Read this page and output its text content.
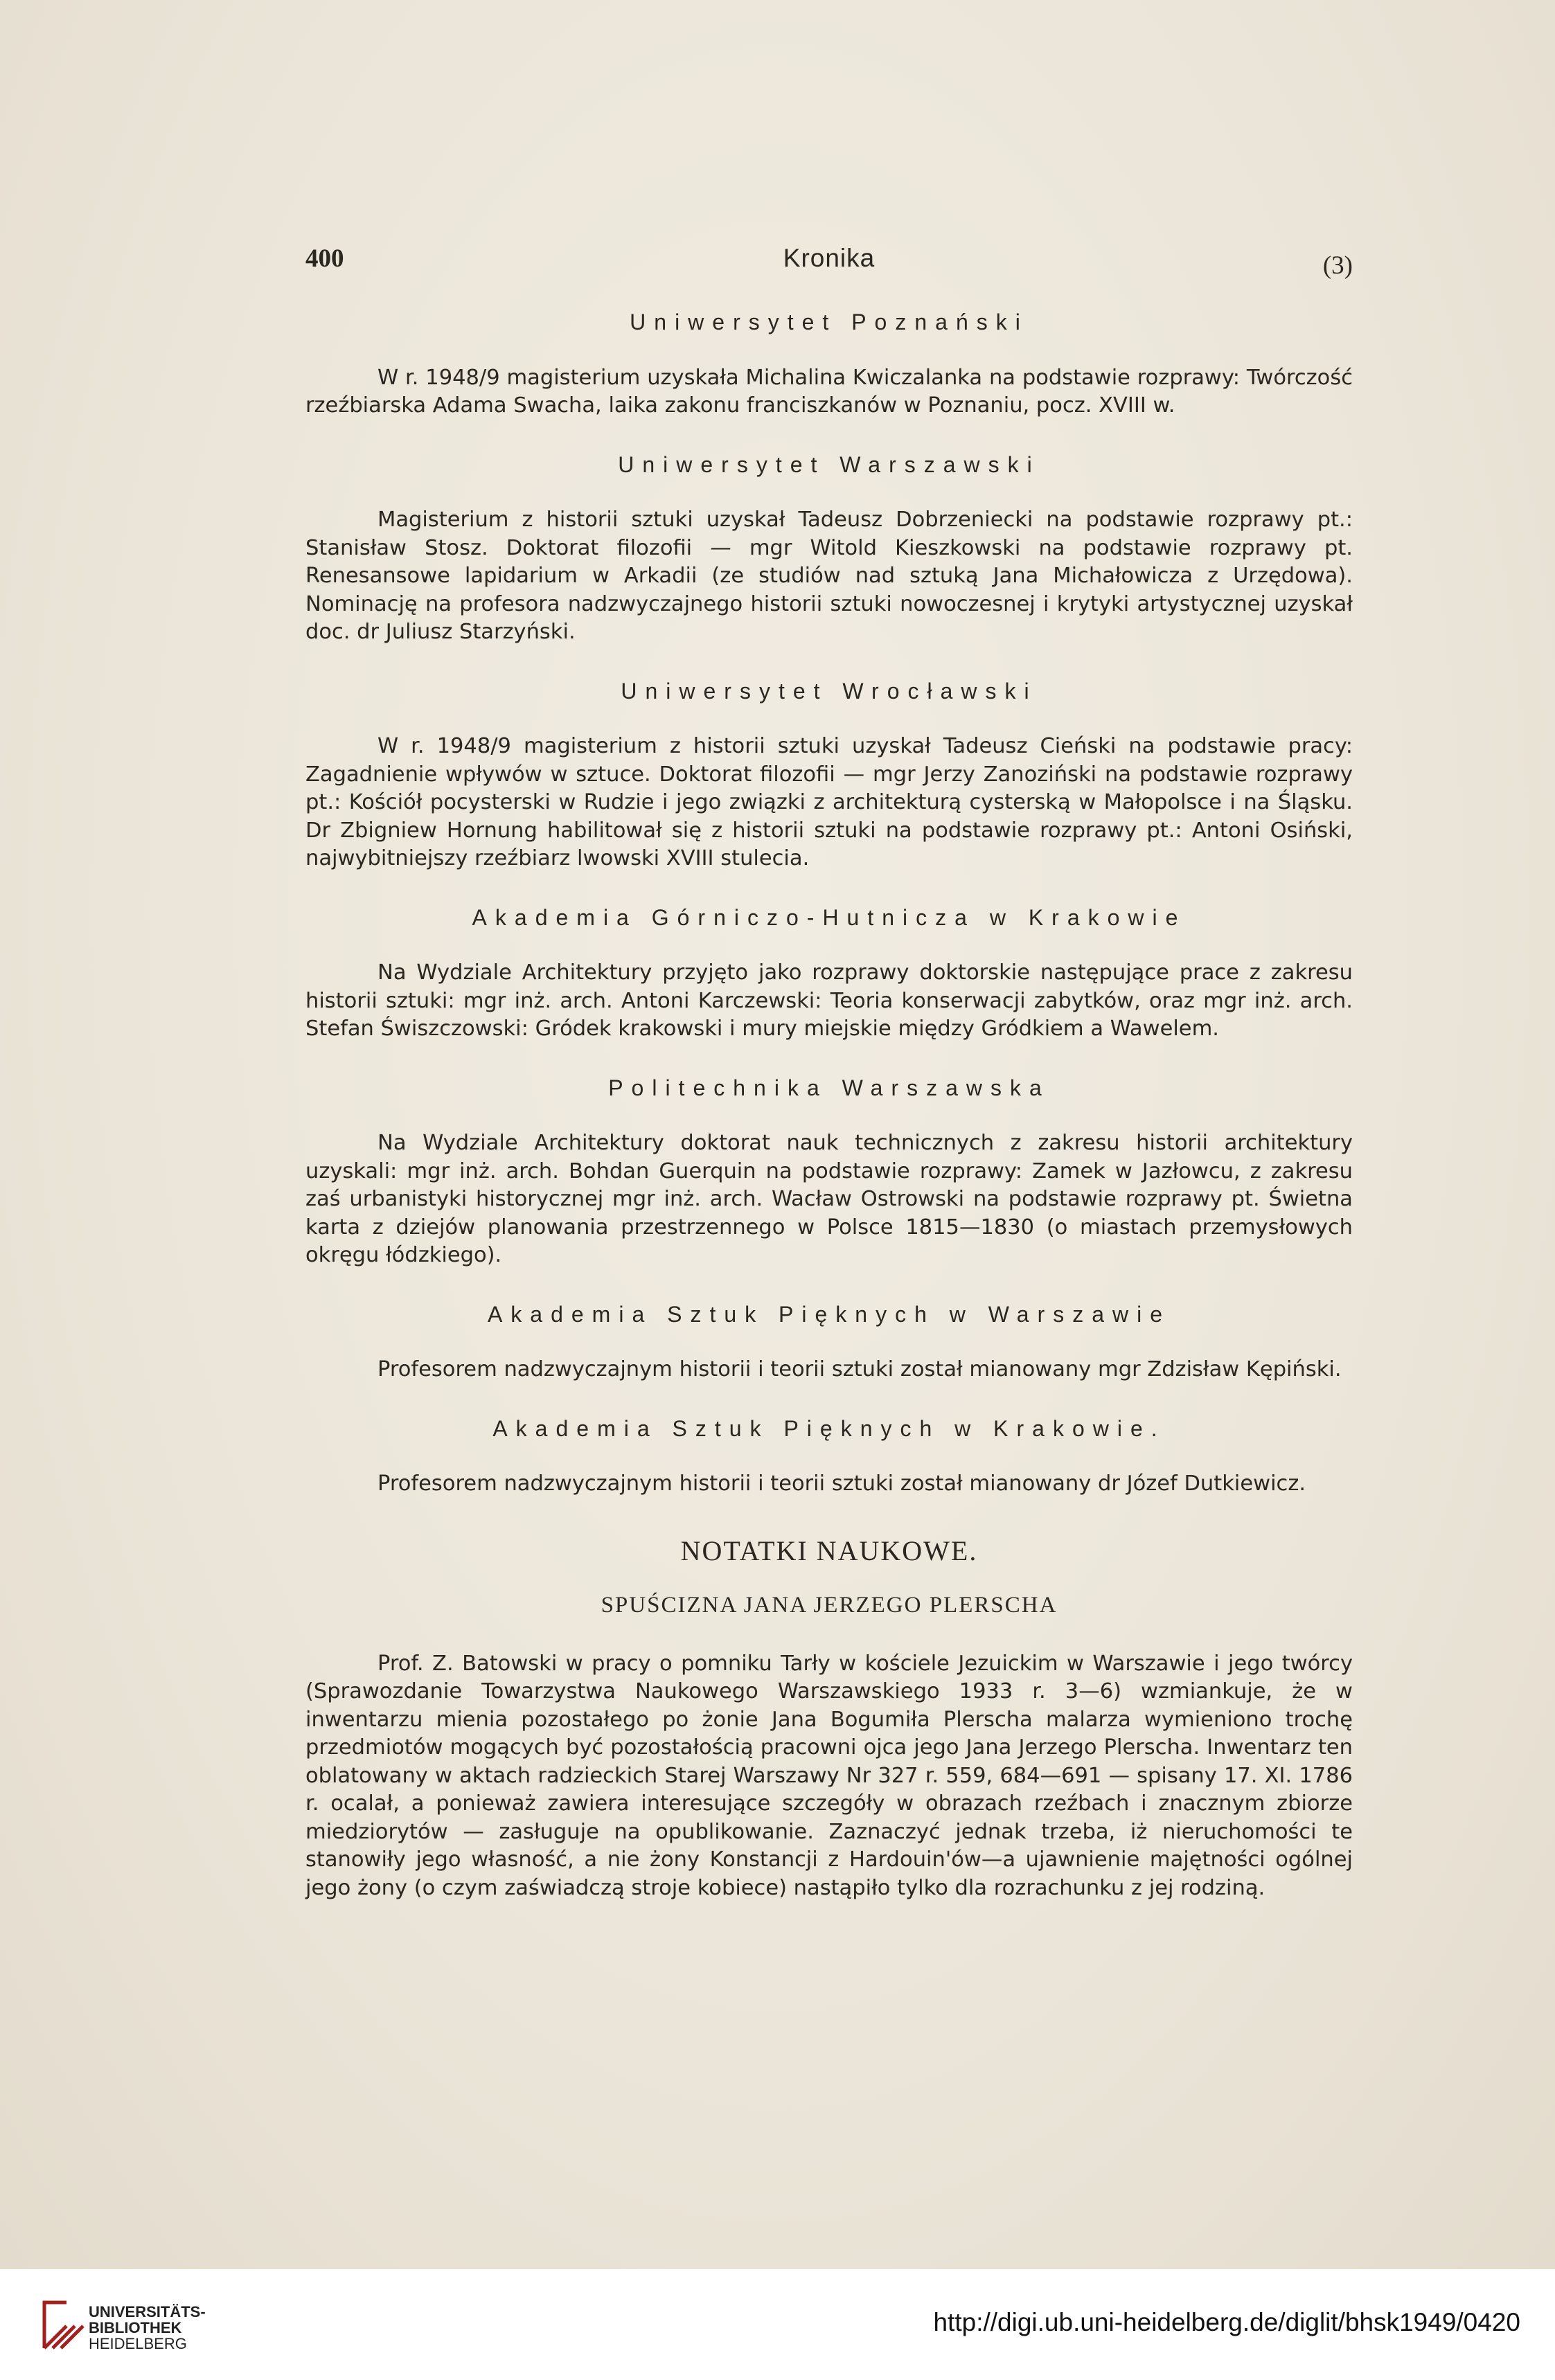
400	Kronika	(3)
Uniwersytet Poznański
W r. 1948/9 magisterium uzyskała Michalina Kwiczalanka na podstawie rozprawy: Twórczość rzeźbiarska Adama Swacha, laika zakonu franciszkanów w Poznaniu, pocz. XVIII w.
Uniwersytet Warszawski
Magisterium z historii sztuki uzyskał Tadeusz Dobrzeniecki na podstawie rozprawy pt.: Stanisław Stosz. Doktorat filozofii — mgr Witold Kieszkowski na podstawie rozprawy pt. Renesansowe lapidarium w Arkadii (ze studiów nad sztuką Jana Michałowicza z Urzędowa). Nominację na profesora nadzwyczajnego historii sztuki nowoczesnej i krytyki artystycznej uzyskał doc. dr Juliusz Starzyński.
Uniwersytet Wrocławski
W r. 1948/9 magisterium z historii sztuki uzyskał Tadeusz Cieński na podstawie pracy: Zagadnienie wpływów w sztuce. Doktorat filozofii — mgr Jerzy Zanoziński na podstawie rozprawy pt.: Kościół pocysterski w Rudzie i jego związki z architekturą cysterską w Małopolsce i na Śląsku. Dr Zbigniew Hornung habilitował się z historii sztuki na podstawie rozprawy pt.: Antoni Osiński, najwybitniejszy rzeźbiarz lwowski XVIII stulecia.
Akademia Górniczo-Hutnicza w Krakowie
Na Wydziale Architektury przyjęto jako rozprawy doktorskie następujące prace z zakresu historii sztuki: mgr inż. arch. Antoni Karczewski: Teoria konserwacji zabytków, oraz mgr inż. arch. Stefan Świszczowski: Gródek krakowski i mury miejskie między Gródkiem a Wawelem.
Politechnika Warszawska
Na Wydziale Architektury doktorat nauk technicznych z zakresu historii architektury uzyskali: mgr inż. arch. Bohdan Guerquin na podstawie rozprawy: Zamek w Jazłowcu, z zakresu zaś urbanistyki historycznej mgr inż. arch. Wacław Ostrowski na podstawie rozprawy pt. Świetna karta z dziejów planowania przestrzennego w Polsce 1815—1830 (o miastach przemysłowych okręgu łódzkiego).
Akademia Sztuk Pięknych w Warszawie
Profesorem nadzwyczajnym historii i teorii sztuki został mianowany mgr Zdzisław Kępiński.
Akademia Sztuk Pięknych w Krakowie.
Profesorem nadzwyczajnym historii i teorii sztuki został mianowany dr Józef Dutkiewicz.
NOTATKI NAUKOWE.
SPUŚCIZNA JANA JERZEGO PLERSCHA
Prof. Z. Batowski w pracy o pomniku Tarły w kościele Jezuickim w Warszawie i jego twórcy (Sprawozdanie Towarzystwa Naukowego Warszawskiego 1933 r. 3—6) wzmiankuje, że w inwentarzu mienia pozostałego po żonie Jana Bogumiła Plerscha malarza wymieniono trochę przedmiotów mogących być pozostałością pracowni ojca jego Jana Jerzego Plerscha. Inwentarz ten oblatowany w aktach radzieckich Starej Warszawy Nr 327 r. 559, 684—691 — spisany 17. XI. 1786 r. ocalał, a ponieważ zawiera interesujące szczegóły w obrazach rzeźbach i znacznym zbiorze miedziorytów — zasługuje na opublikowanie. Zaznaczyć jednak trzeba, iż nieruchomości te stanowiły jego własność, a nie żony Konstancji z Hardouin'ów—a ujawnienie majętności ogólnej jego żony (o czym zaświadczą stroje kobiece) nastąpiło tylko dla rozrachunku z jej rodziną.
UNIVERSITÄTS-
BIBLIOTHEK
HEIDELBERG
http://digi.ub.uni-heidelberg.de/diglit/bhsk1949/0420
